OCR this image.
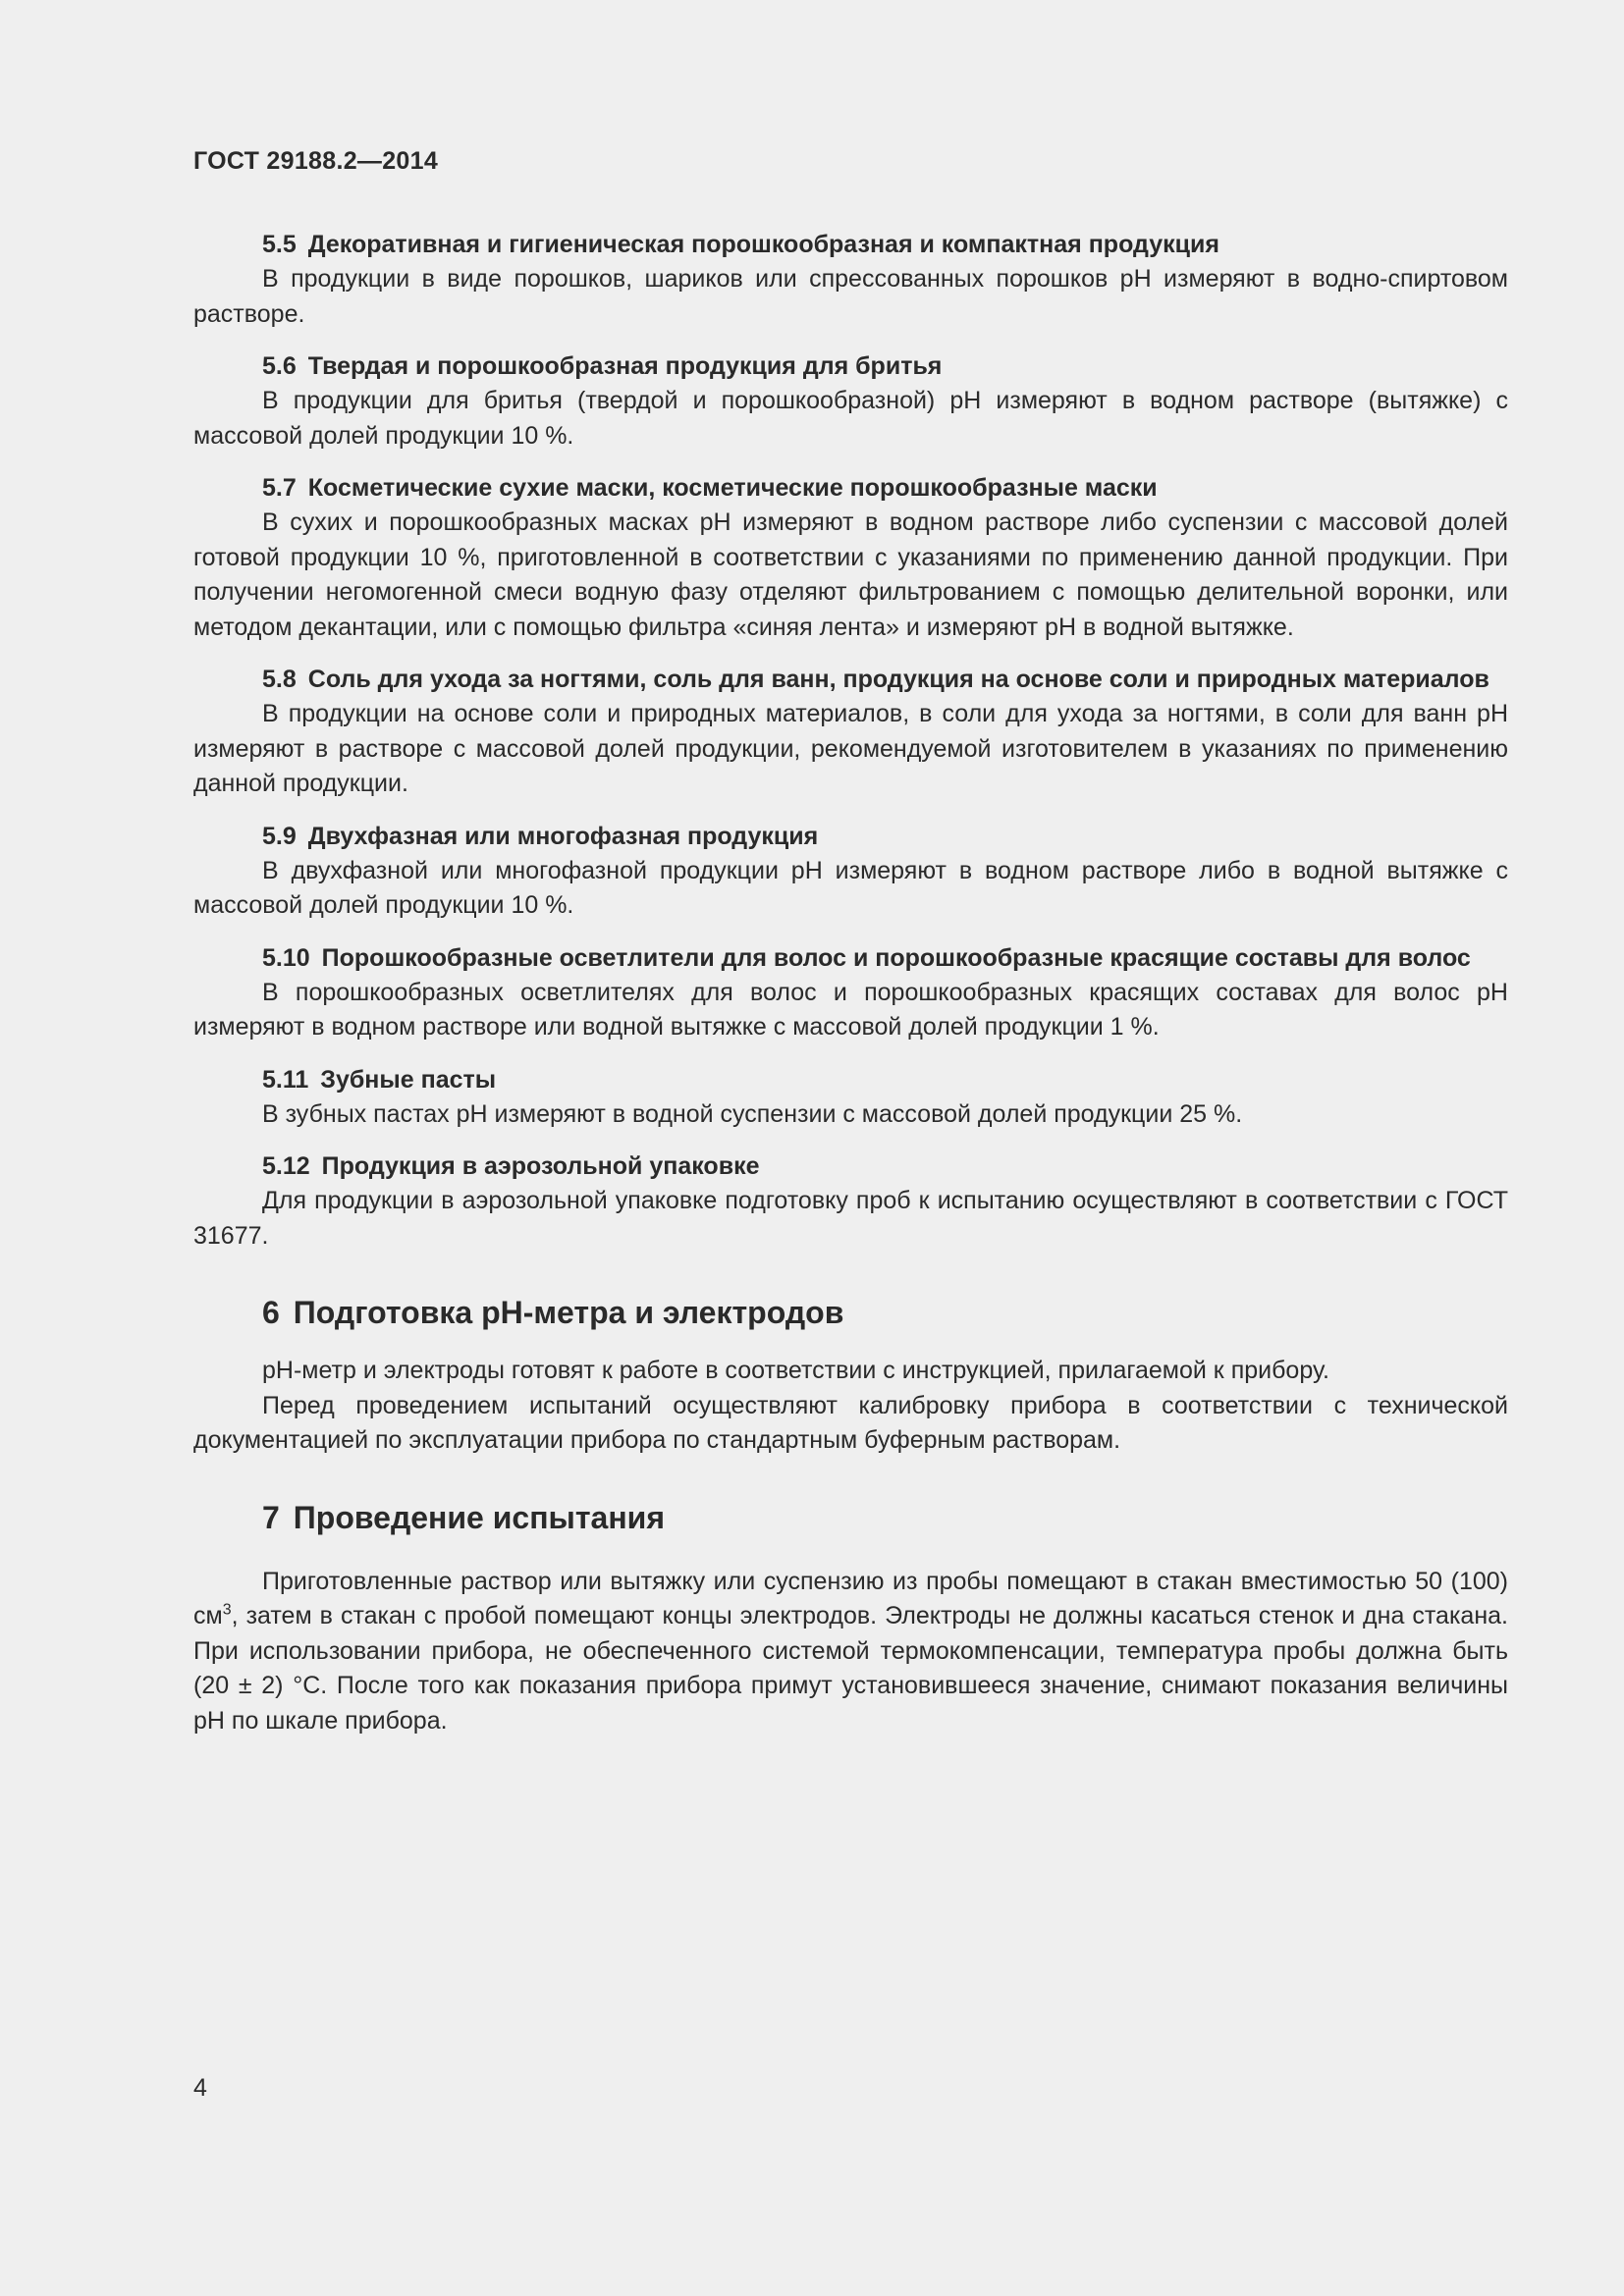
ГОСТ 29188.2—2014
5.5 Декоративная и гигиеническая порошкообразная и компактная продукция

В продукции в виде порошков, шариков или спрессованных порошков pH измеряют в водно-спиртовом растворе.

5.6 Твердая и порошкообразная продукция для бритья

В продукции для бритья (твердой и порошкообразной) pH измеряют в водном растворе (вытяжке) с массовой долей продукции 10 %.

5.7 Косметические сухие маски, косметические порошкообразные маски

В сухих и порошкообразных масках pH измеряют в водном растворе либо суспензии с массовой долей готовой продукции 10 %, приготовленной в соответствии с указаниями по применению данной продукции. При получении негомогенной смеси водную фазу отделяют фильтрованием с помощью делительной воронки, или методом декантации, или с помощью фильтра «синяя лента» и измеряют pH в водной вытяжке.

5.8 Соль для ухода за ногтями, соль для ванн, продукция на основе соли и природных материалов

В продукции на основе соли и природных материалов, в соли для ухода за ногтями, в соли для ванн pH измеряют в растворе с массовой долей продукции, рекомендуемой изготовителем в указаниях по применению данной продукции.

5.9 Двухфазная или многофазная продукция

В двухфазной или многофазной продукции pH измеряют в водном растворе либо в водной вытяжке с массовой долей продукции 10 %.

5.10 Порошкообразные осветлители для волос и порошкообразные красящие составы для волос

В порошкообразных осветлителях для волос и порошкообразных красящих составах для волос pH измеряют в водном растворе или водной вытяжке с массовой долей продукции 1 %.

5.11 Зубные пасты

В зубных пастах pH измеряют в водной суспензии с массовой долей продукции 25 %.

5.12 Продукция в аэрозольной упаковке

Для продукции в аэрозольной упаковке подготовку проб к испытанию осуществляют в соответствии с ГОСТ 31677.

6 Подготовка pH-метра и электродов

pH-метр и электроды готовят к работе в соответствии с инструкцией, прилагаемой к прибору.

Перед проведением испытаний осуществляют калибровку прибора в соответствии с технической документацией по эксплуатации прибора по стандартным буферным растворам.

7 Проведение испытания

Приготовленные раствор или вытяжку или суспензию из пробы помещают в стакан вместимостью 50 (100) $см^3$, затем в стакан с пробой помещают концы электродов. Электроды не должны касаться стенок и дна стакана. При использовании прибора, не обеспеченного системой термокомпенсации, температура пробы должна быть (20 ± 2) °C. После того как показания прибора примут установившееся значение, снимают показания величины pH по шкале прибора.

4
